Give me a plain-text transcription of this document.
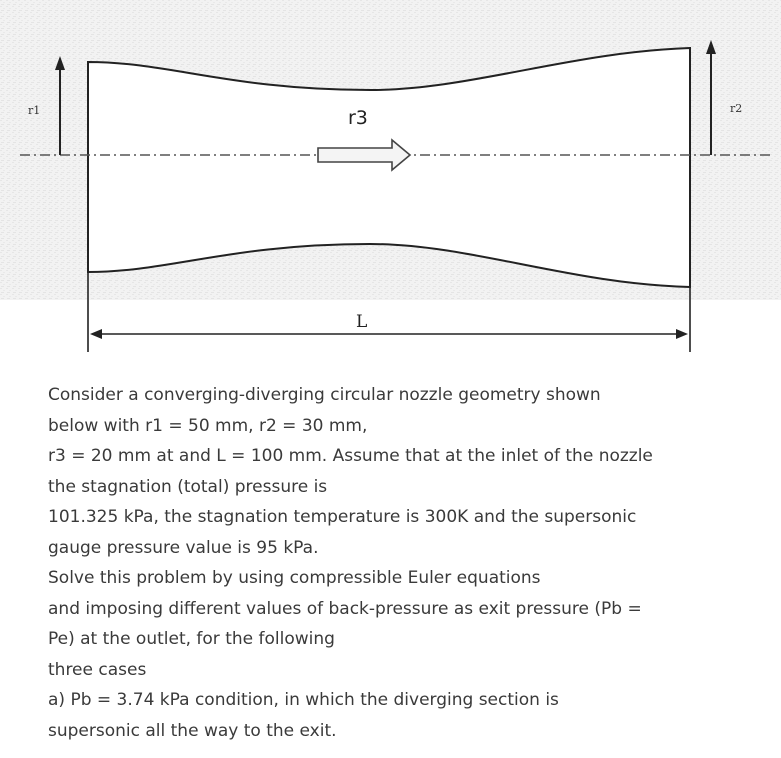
r1	r2
r3
L
Consider a converging-diverging circular nozzle geometry shown
below with r1 = 50 mm, r2 = 30 mm,
r3 = 20 mm at and L = 100 mm. Assume that at the inlet of the nozzle
the stagnation (total) pressure is
101.325 kPa, the stagnation temperature is 300K and the supersonic
gauge pressure value is 95 kPa.
Solve this problem by using compressible Euler equations
and imposing different values of back-pressure as exit pressure (Pb =
Pe) at the outlet, for the following
three cases
a) Pb = 3.74 kPa condition, in which the diverging section is
supersonic all the way to the exit.
